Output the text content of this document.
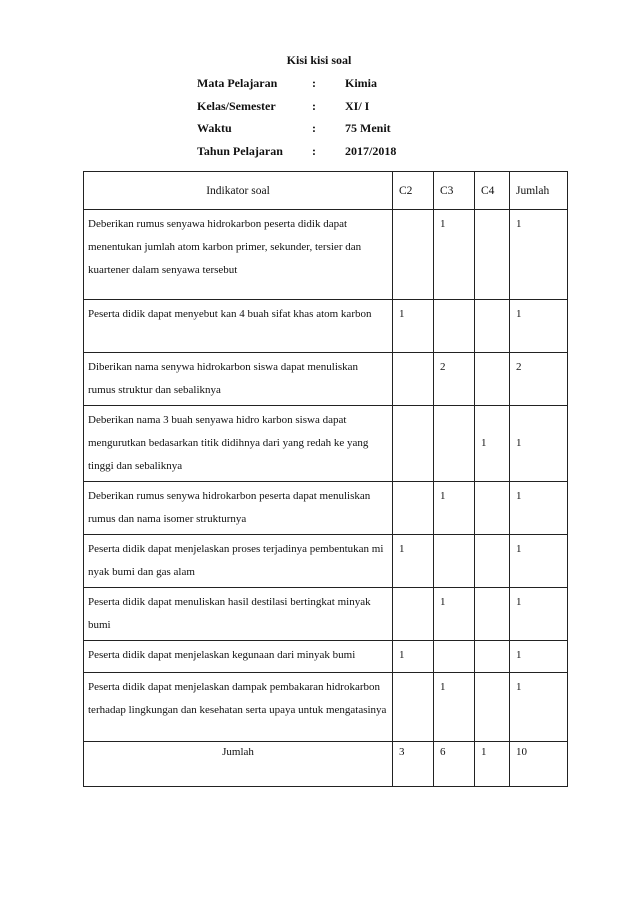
Kisi kisi soal
Mata Pelajaran	:	Kimia
Kelas/Semester	:	XI/ I
Waktu	:	75 Menit
Tahun Pelajaran	:	2017/2018
Indikator soal	C2	C3	C4	Jumlah
Deberikan rumus senyawa hidrokarbon peserta didik dapat menentukan jumlah atom karbon primer, sekunder, tersier dan kuartener dalam senyawa tersebut		1		1
Peserta didik dapat menyebut kan 4 buah sifat khas atom karbon	1			1
Diberikan nama senywa hidrokarbon siswa dapat menuliskan rumus struktur dan sebaliknya		2		2
Deberikan nama 3 buah senyawa hidro karbon siswa dapat mengurutkan bedasarkan titik didihnya dari yang redah ke yang tinggi dan sebaliknya			1	1
Deberikan rumus senywa hidrokarbon peserta dapat menuliskan rumus dan nama isomer strukturnya		1		1
Peserta didik dapat menjelaskan proses terjadinya pembentukan mi nyak bumi dan gas alam	1			1
Peserta didik dapat menuliskan hasil destilasi bertingkat minyak bumi		1		1
Peserta didik dapat menjelaskan kegunaan dari minyak bumi	1			1
Peserta didik dapat menjelaskan dampak pembakaran hidrokarbon terhadap lingkungan dan kesehatan serta upaya untuk mengatasinya		1		1
Jumlah	3	6	1	10
